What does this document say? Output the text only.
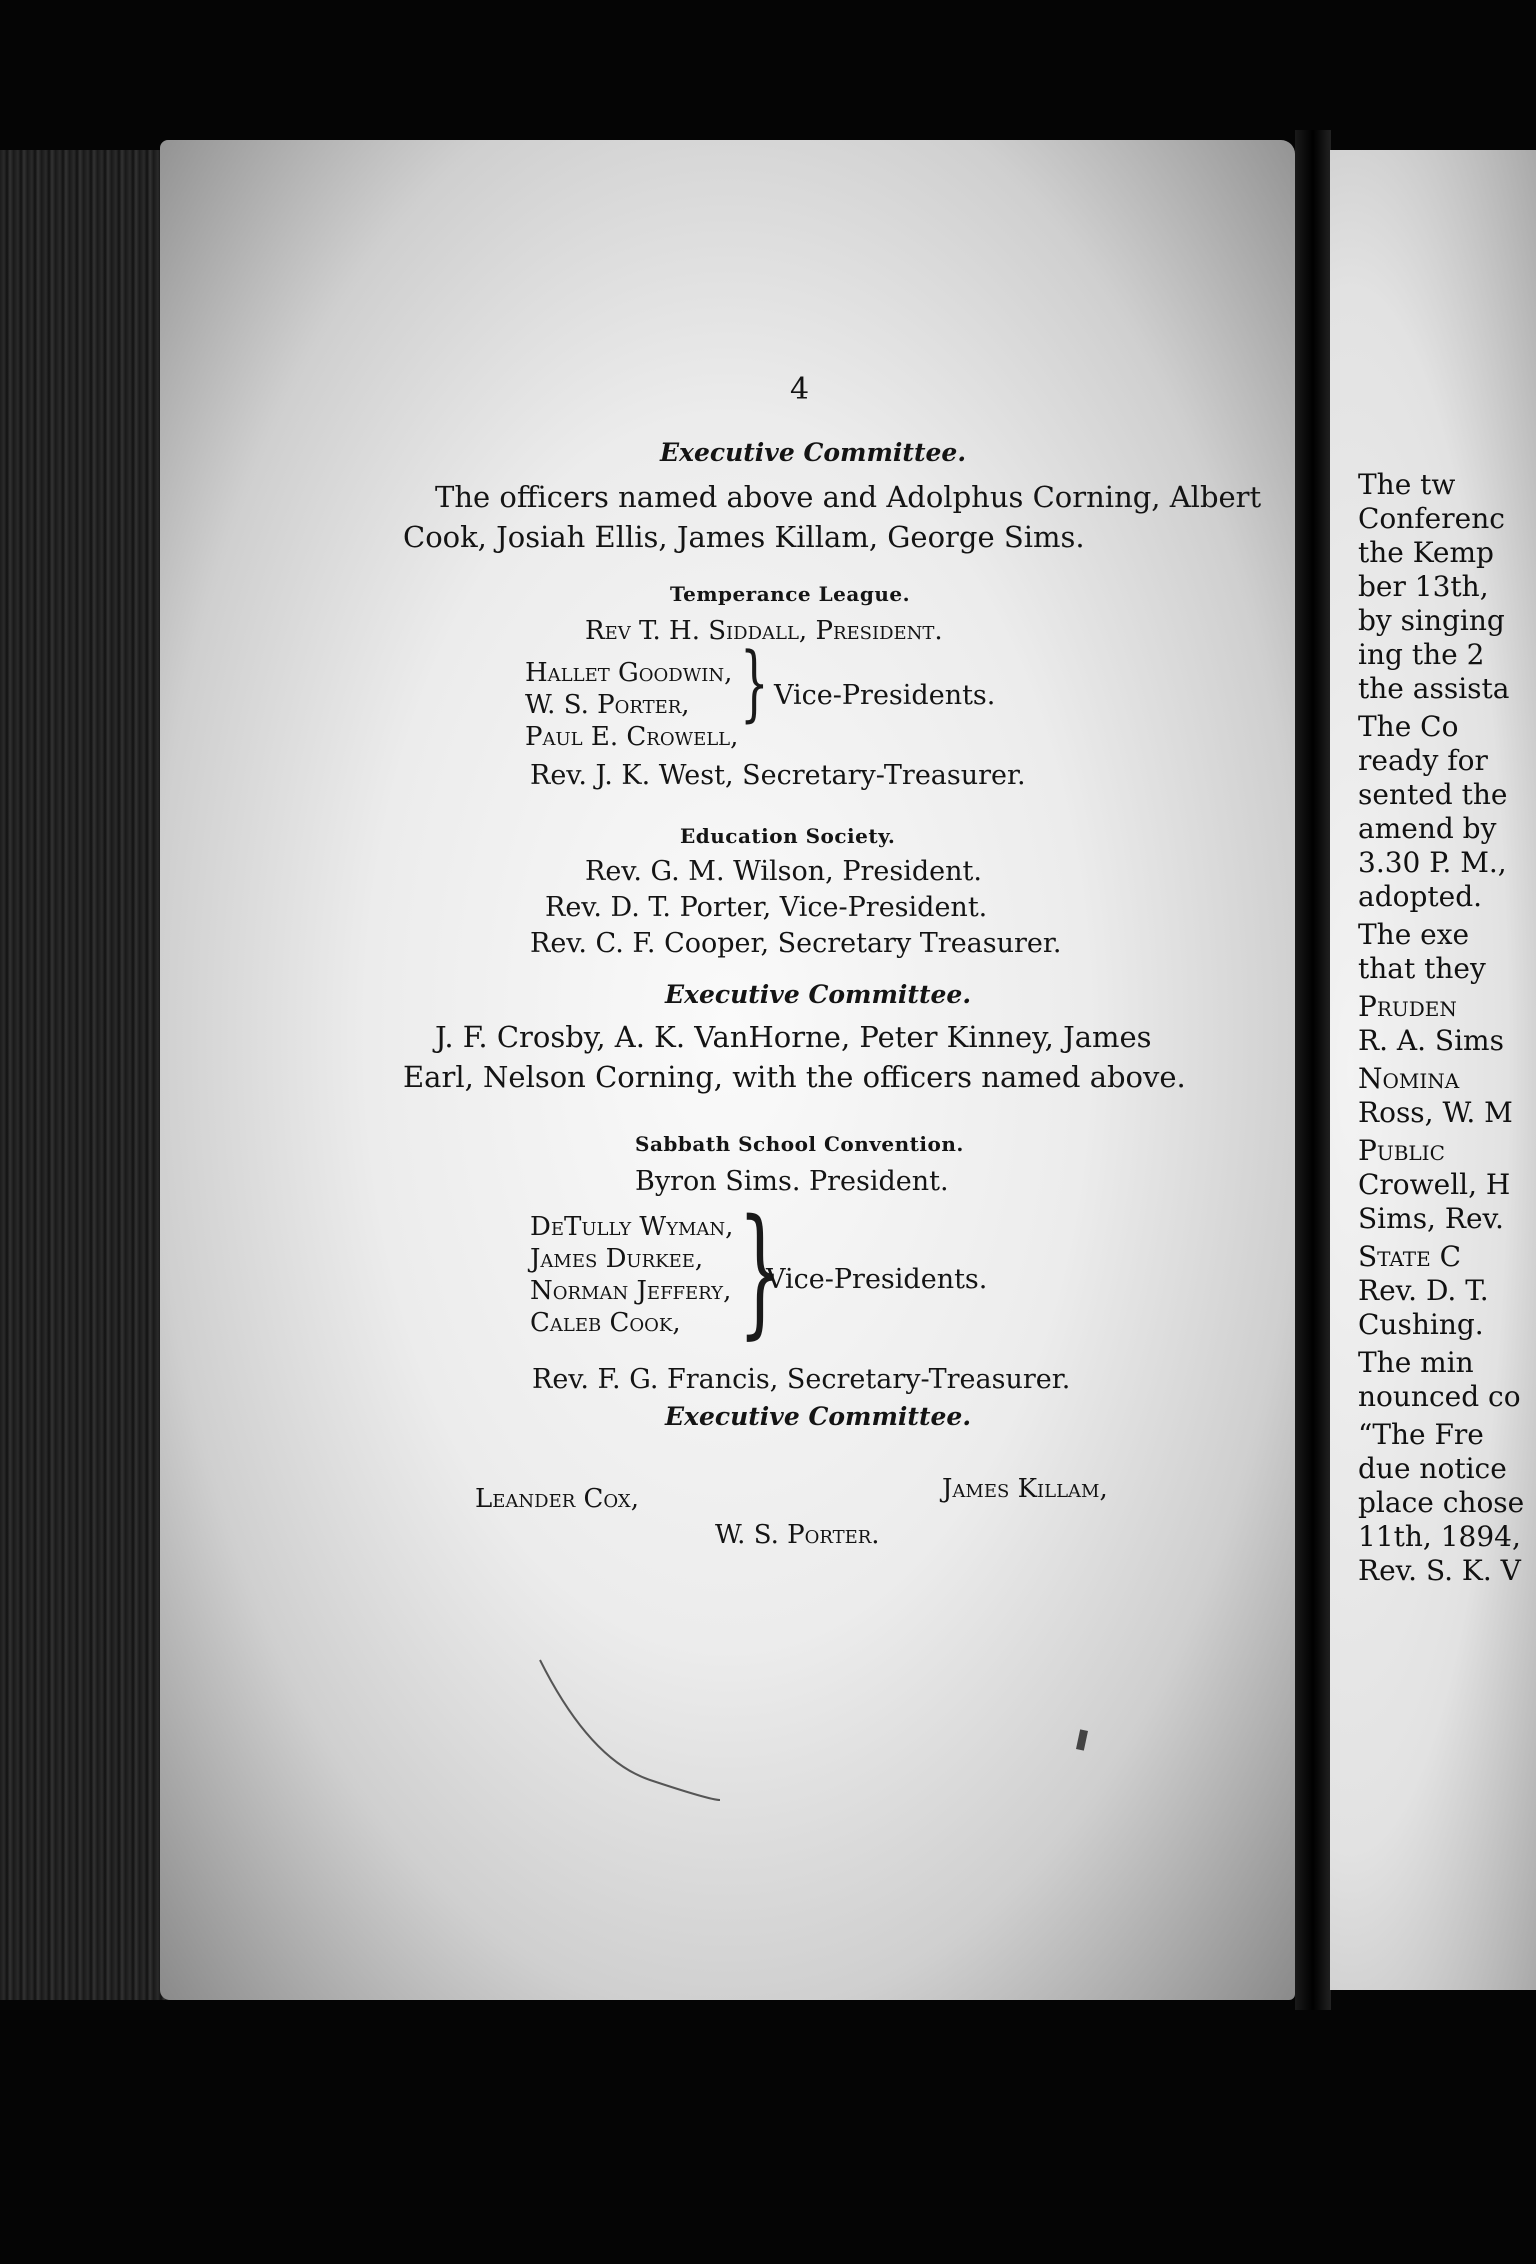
4
Executive Committee.
The officers named above and Adolphus Corning, Albert
Cook, Josiah Ellis, James Killam, George Sims.
Temperance League.
Rev T. H. Siddall, President.
Hallet Goodwin,
W. S. Porter,
Paul E. Crowell,
} Vice-Presidents.
Rev. J. K. West, Secretary-Treasurer.
Education Society.
Rev. G. M. Wilson, President.
Rev. D. T. Porter, Vice-President.
Rev. C. F. Cooper, Secretary Treasurer.
Executive Committee.
J. F. Crosby, A. K. VanHorne, Peter Kinney, James
Earl, Nelson Corning, with the officers named above.
Sabbath School Convention.
Byron Sims. President.
DeTully Wyman,
James Durkee,
Norman Jeffery,
Caleb Cook, }
Vice-Presidents.
Rev. F. G. Francis, Secretary-Treasurer.
Executive Committee.
Leander Cox,	James Killam,
W. S. Porter.
The tw
Conferenc
the Kemp
ber 13th,
by singing
ing the 2
the assista
The Co
ready for
sented the
amend by
3.30 P. M.,
adopted.
The exe
that they
Pruden
R. A. Sims
Nomina
Ross, W. M
Public
Crowell, H
Sims, Rev.
State C
Rev. D. T.
Cushing.
The min
nounced co
“The Fre
due notice
place chose
11th, 1894,
Rev. S. K. V
